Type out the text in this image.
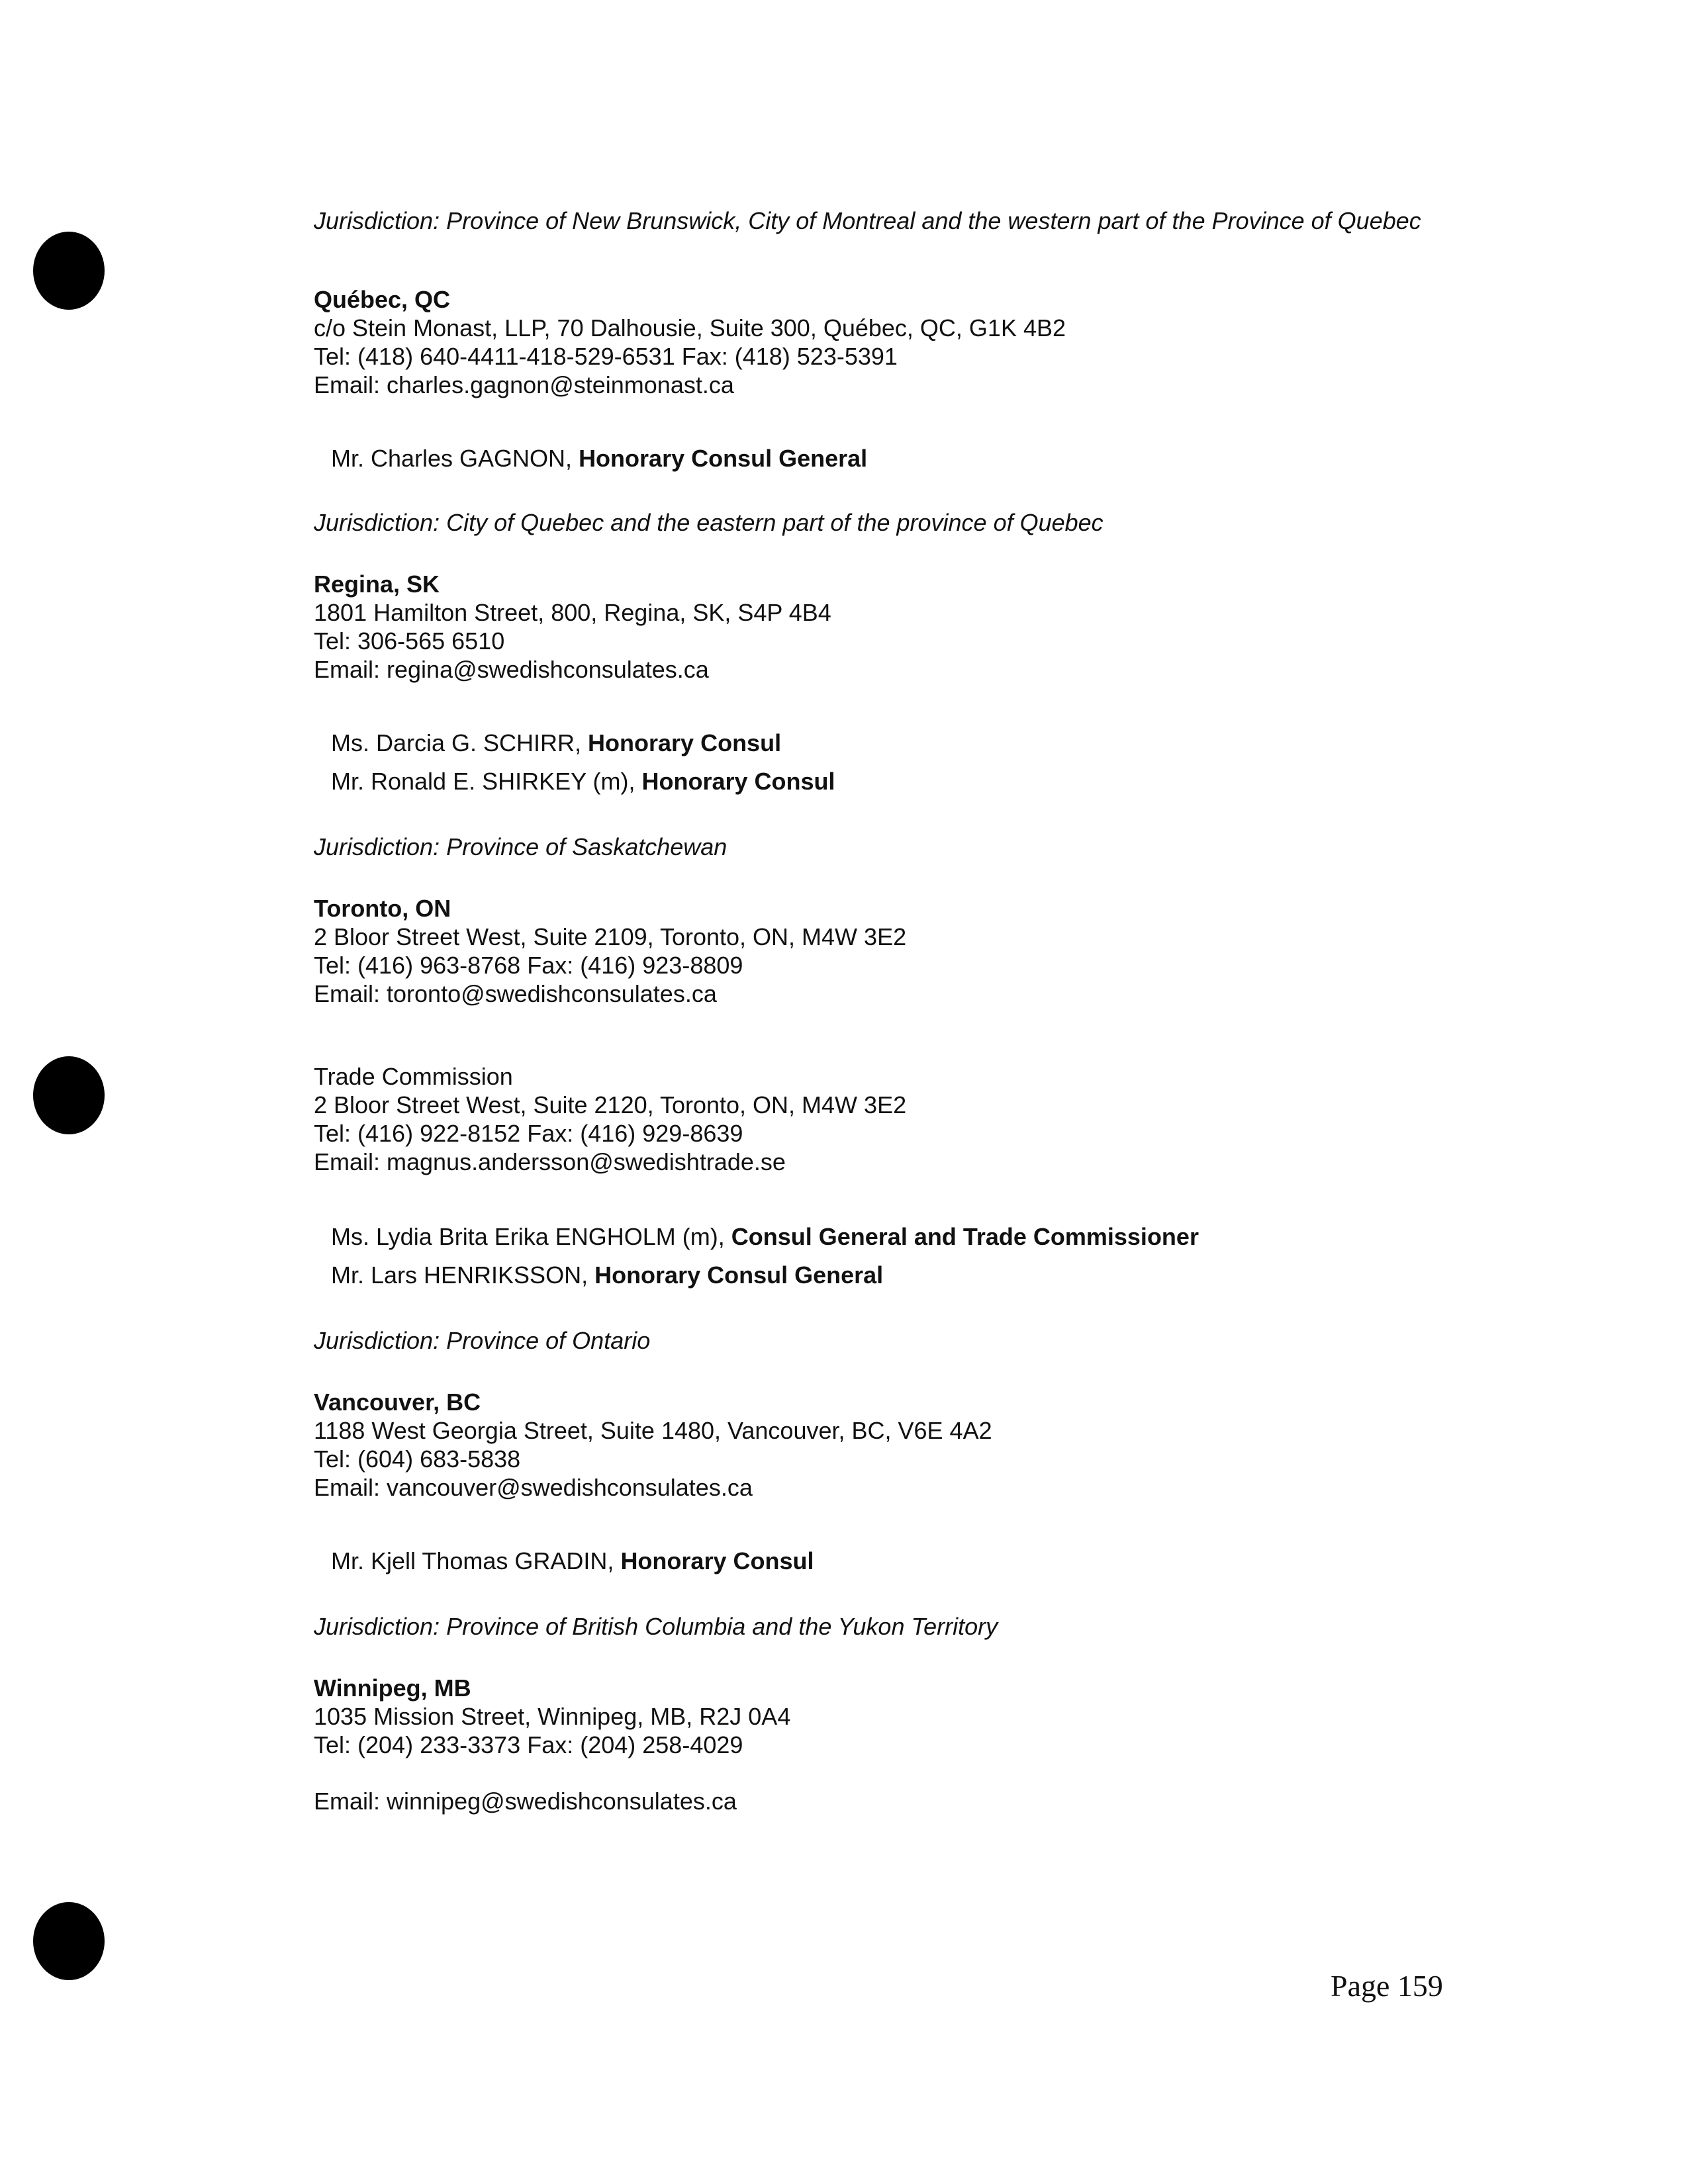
Jurisdiction: Province of New Brunswick, City of Montreal and the western part of the Province of Quebec

Québec, QC

c/o Stein Monast, LLP, 70 Dalhousie, Suite 300, Québec, QC, G1K 4B2

Tel: (418) 640-4411-418-529-6531 Fax: (418) 523-5391

Email: charles.gagnon@steinmonast.ca

Mr. Charles GAGNON, Honorary Consul General

Jurisdiction: City of Quebec and the eastern part of the province of Quebec

Regina, SK

1801 Hamilton Street, 800, Regina, SK, S4P 4B4

Tel: 306-565 6510

Email: regina@swedishconsulates.ca

Ms. Darcia G. SCHIRR, Honorary Consul

Mr. Ronald E. SHIRKEY (m), Honorary Consul

Jurisdiction: Province of Saskatchewan

Toronto, ON

2 Bloor Street West, Suite 2109, Toronto, ON, M4W 3E2

Tel: (416) 963-8768 Fax: (416) 923-8809

Email: toronto@swedishconsulates.ca

Trade Commission

2 Bloor Street West, Suite 2120, Toronto, ON, M4W 3E2

Tel: (416) 922-8152 Fax: (416) 929-8639

Email: magnus.andersson@swedishtrade.se

Ms. Lydia Brita Erika ENGHOLM (m), Consul General and Trade Commissioner

Mr. Lars HENRIKSSON, Honorary Consul General

Jurisdiction: Province of Ontario

Vancouver, BC

1188 West Georgia Street, Suite 1480, Vancouver, BC, V6E 4A2

Tel: (604) 683-5838

Email: vancouver@swedishconsulates.ca

Mr. Kjell Thomas GRADIN, Honorary Consul

Jurisdiction: Province of British Columbia and the Yukon Territory

Winnipeg, MB

1035 Mission Street, Winnipeg, MB, R2J 0A4

Tel: (204) 233-3373 Fax: (204) 258-4029

Email: winnipeg@swedishconsulates.ca

Page 159
